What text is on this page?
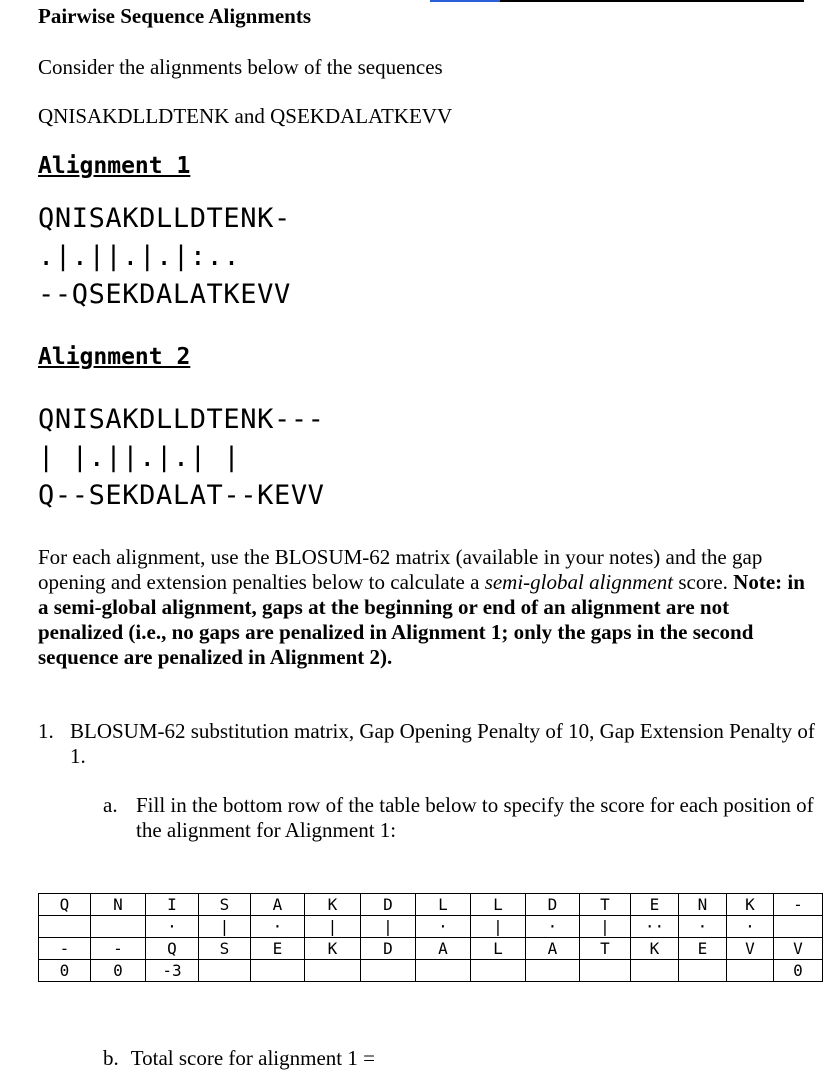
Pairwise Sequence Alignments
Consider the alignments below of the sequences
QNISAKDLLDTENK and QSEKDALATKEVV
Alignment 1
QNISAKDLLDTENK-
.|.||.|.|:..
--QSEKDALATKEVV
Alignment 2
QNISAKDLLDTENK---
| |.||.|.| |
Q--SEKDALAT--KEVV
For each alignment, use the BLOSUM-62 matrix (available in your notes) and the gap opening and extension penalties below to calculate a semi-global alignment score. Note: in a semi-global alignment, gaps at the beginning or end of an alignment are not penalized (i.e., no gaps are penalized in Alignment 1; only the gaps in the second sequence are penalized in Alignment 2).
1. BLOSUM-62 substitution matrix, Gap Opening Penalty of 10, Gap Extension Penalty of 1.
a. Fill in the bottom row of the table below to specify the score for each position of the alignment for Alignment 1:
Q	N	I	S	A	K	D	L	L	D	T	E	N	K	-
		·	|	·	|	|	·	|	·	|	··	·	·	
-	-	Q	S	E	K	D	A	L	A	T	K	E	V	V
0	0	-3												0
b. Total score for alignment 1 =
